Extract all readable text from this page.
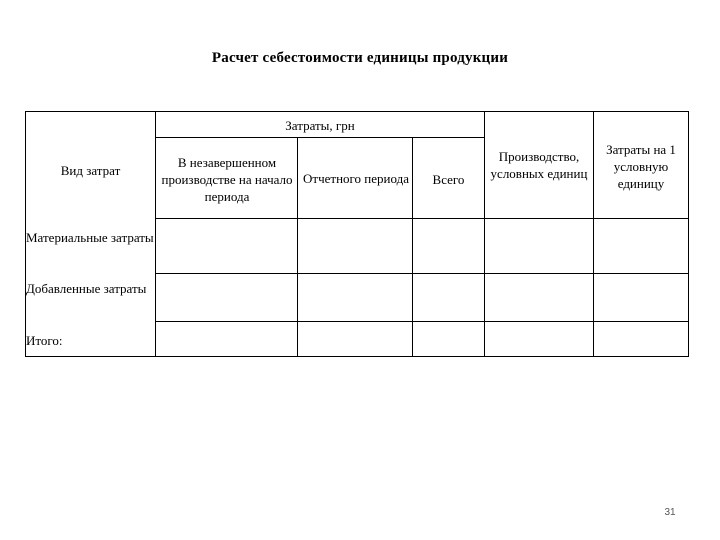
Расчет себестоимости единицы продукции
Вид затрат
Затраты, грн
В незавершенном производстве на начало периода
Отчетного периода	Всего
Производство, условных единиц
Затраты на 1 условную единицу
Материальные затраты
Добавленные затраты
Итого:
31
